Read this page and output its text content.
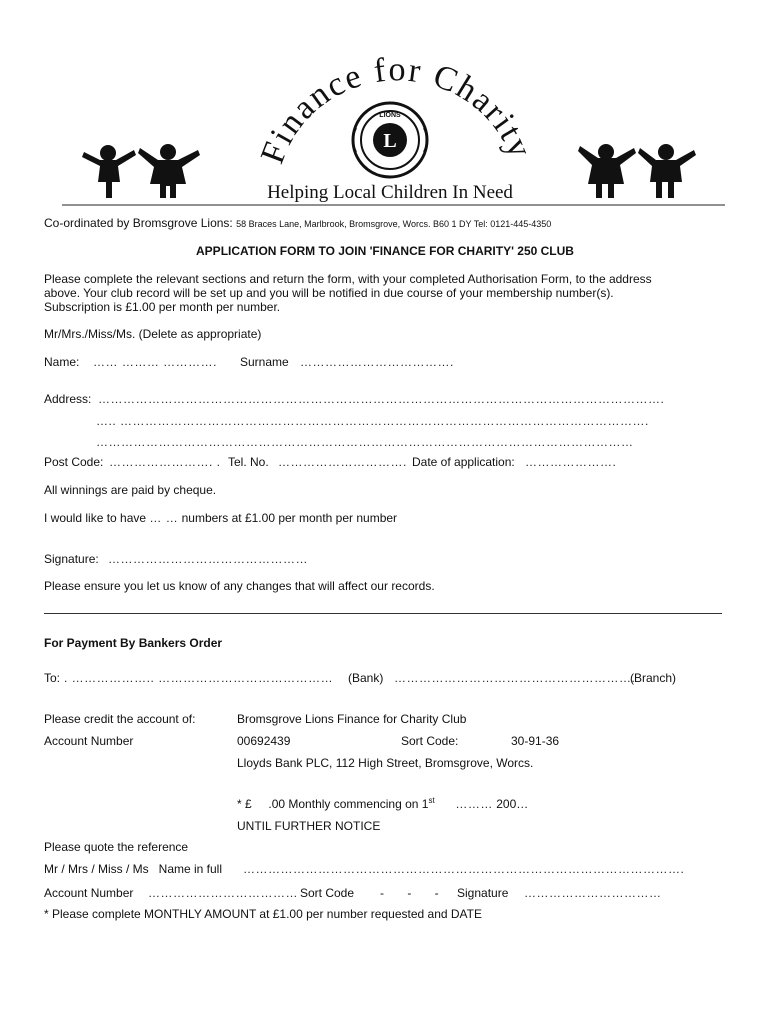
Finance for Charity
L
LIONS
Helping Local Children In Need
Co-ordinated by Bromsgrove Lions: 58 Braces Lane, Marlbrook, Bromsgrove, Worcs. B60 1 DY Tel: 0121-445-4350
APPLICATION FORM TO JOIN 'FINANCE FOR CHARITY' 250 CLUB
Please complete the relevant sections and return the form, with your completed Authorisation Form, to the address
above. Your club record will be set up and you will be notified in due course of your membership number(s).
Subscription is £1.00 per month per number.
Mr/Mrs./Miss/Ms. (Delete as appropriate)
Name: …… ……… …………. Surname ……………………………….
Address: ……………………………………………………………………………………………………………………….
….. ……………………………………………………………………………………………………………….
…………………………………………………………………………………………………………………
Post Code: ……………………. . Tel. No. …………………………. Date of application: ………………….
All winnings are paid by cheque.
I would like to have … … numbers at £1.00 per month per number
Signature: …………………………………………
Please ensure you let us know of any changes that will affect our records.
For Payment By Bankers Order
To: . ……………….. …………………………………… (Bank) ………………………………………………….
(Branch)
Please credit the account of:	Bromsgrove Lions Finance for Charity Club
Account Number	00692439	Sort Code:	30-91-36
Lloyds Bank PLC, 112 High Street, Bromsgrove, Worcs.
* £ .00 Monthly commencing on 1st ……… 200…
UNTIL FURTHER NOTICE
Please quote the reference
Mr / Mrs / Miss / Ms   Name in full …………………………………………………………………………………………….
Account Number ……………………………… Sort Code -       -       - Signature ……………………………
* Please complete MONTHLY AMOUNT at £1.00 per number requested and DATE
